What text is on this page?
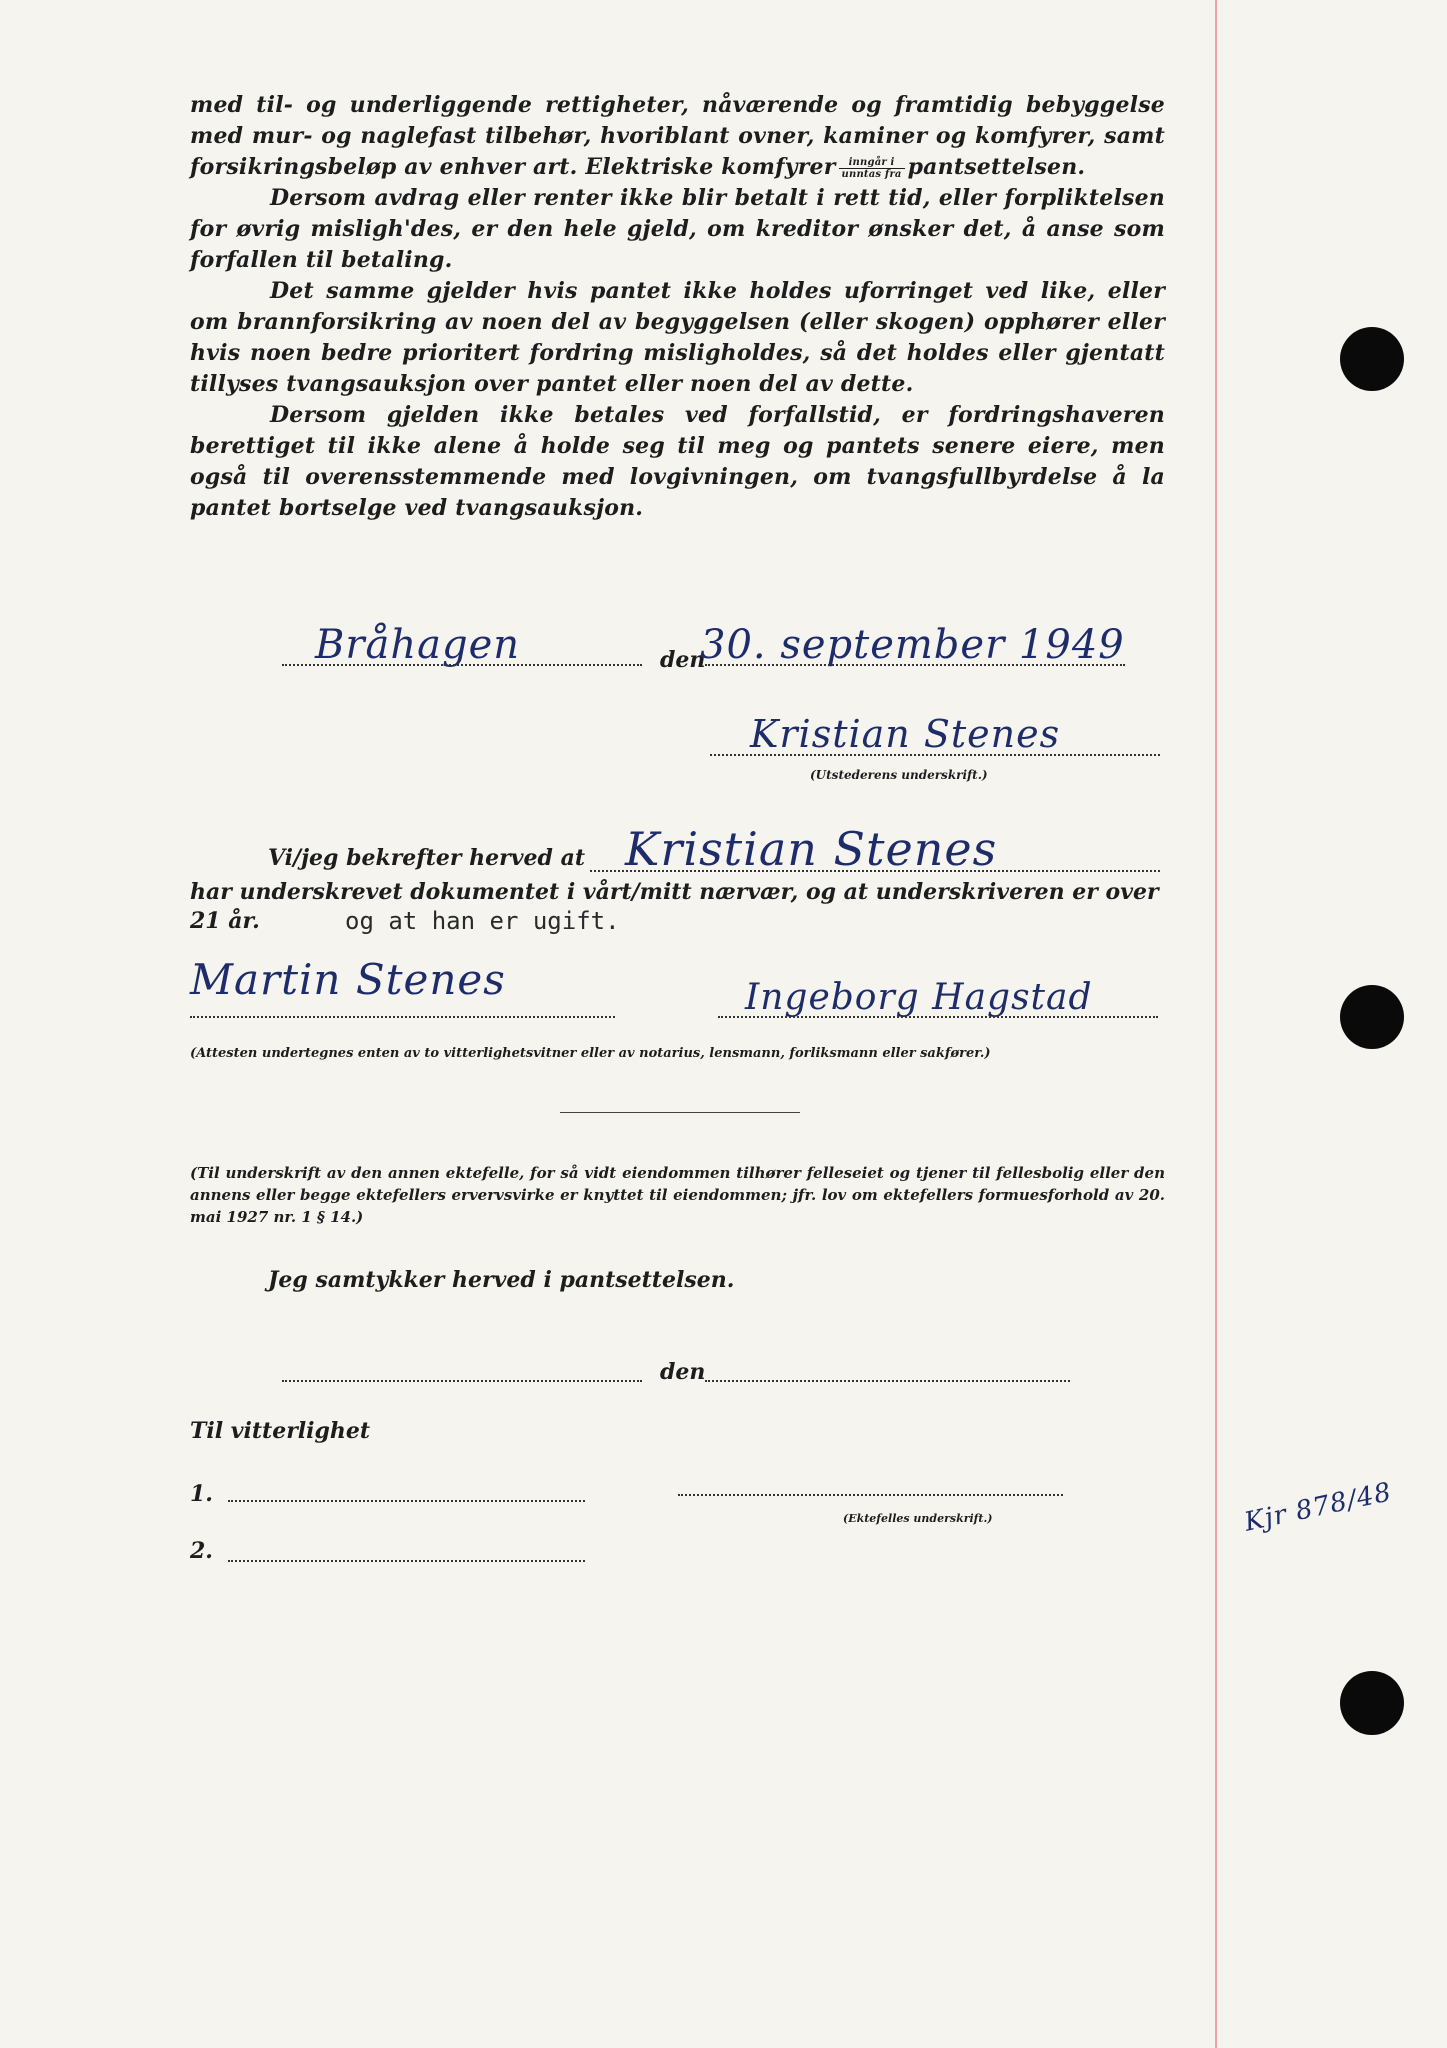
med til- og underliggende rettigheter, nåværende og framtidig bebyggelse med mur- og naglefast tilbehør, hvoriblant ovner, kaminer og komfyrer, samt forsikringsbeløp av enhver art. Elektriske komfyrer $\frac{\text{inngår i}}{\text{unntas fra}}$ pantsettelsen.

Dersom avdrag eller renter ikke blir betalt i rett tid, eller forpliktelsen for øvrig misligh'des, er den hele gjeld, om kreditor ønsker det, å anse som forfallen til betaling.

Det samme gjelder hvis pantet ikke holdes uforringet ved like, eller om brannforsikring av noen del av begyggelsen (eller skogen) opphører eller hvis noen bedre prioritert fordring misligholdes, så det holdes eller gjentatt tillyses tvangsauksjon over pantet eller noen del av dette.

Dersom gjelden ikke betales ved forfallstid, er fordringshaveren berettiget til ikke alene å holde seg til meg og pantets senere eiere, men også til overensstemmende med lovgivningen, om tvangsfullbyrdelse å la pantet bortselge ved tvangsauksjon.

Bråhagen	den
30. september 1949
Kristian Stenes
(Utstederens underskrift.)
Vi/jeg bekrefter herved at Kristian Stenes
har underskrevet dokumentet i vårt/mitt nærvær, og at underskriveren er over
21 år.	og at han er ugift.
Martin Stenes	Ingeborg Hagstad
(Attesten undertegnes enten av to vitterlighetsvitner eller av notarius, lensmann, forliksmann eller sakfører.)

(Til underskrift av den annen ektefelle, for så vidt eiendommen tilhører felleseiet og tjener til fellesbolig eller den annens eller begge ektefellers ervervsvirke er knyttet til eiendommen; jfr. lov om ektefellers formuesforhold av 20. mai 1927 nr. 1 § 14.)

Jeg samtykker herved i pantsettelsen.
den
Til vitterlighet
1.
(Ektefelles underskrift.)
2.
Kjr 878/48
